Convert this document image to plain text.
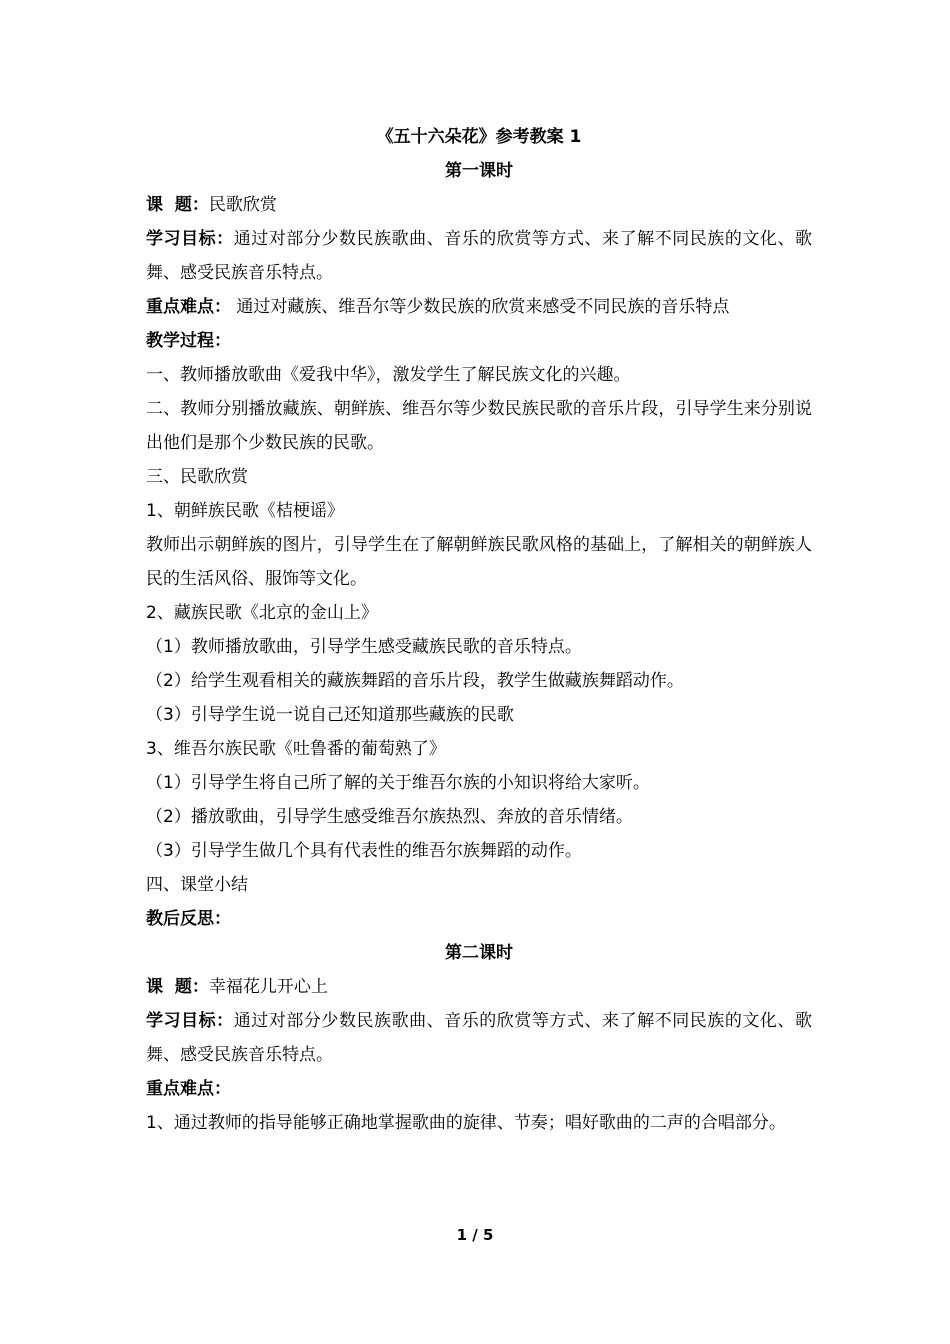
《五十六朵花》参考教案 1
第一课时
课  题：民歌欣赏
学习目标：通过对部分少数民族歌曲、音乐的欣赏等方式、来了解不同民族的文化、歌舞、感受民族音乐特点。
重点难点： 通过对藏族、维吾尔等少数民族的欣赏来感受不同民族的音乐特点
教学过程：
一、教师播放歌曲《爱我中华》，激发学生了解民族文化的兴趣。
二、教师分别播放藏族、朝鲜族、维吾尔等少数民族民歌的音乐片段，引导学生来分别说出他们是那个少数民族的民歌。
三、民歌欣赏
1、朝鲜族民歌《桔梗谣》
教师出示朝鲜族的图片，引导学生在了解朝鲜族民歌风格的基础上，了解相关的朝鲜族人民的生活风俗、服饰等文化。
2、藏族民歌《北京的金山上》
（1）教师播放歌曲，引导学生感受藏族民歌的音乐特点。
（2）给学生观看相关的藏族舞蹈的音乐片段，教学生做藏族舞蹈动作。
（3）引导学生说一说自己还知道那些藏族的民歌
3、维吾尔族民歌《吐鲁番的葡萄熟了》
（1）引导学生将自己所了解的关于维吾尔族的小知识将给大家听。
（2）播放歌曲，引导学生感受维吾尔族热烈、奔放的音乐情绪。
（3）引导学生做几个具有代表性的维吾尔族舞蹈的动作。
四、课堂小结
教后反思：
第二课时
课  题：幸福花儿开心上
学习目标：通过对部分少数民族歌曲、音乐的欣赏等方式、来了解不同民族的文化、歌舞、感受民族音乐特点。
重点难点：
1、通过教师的指导能够正确地掌握歌曲的旋律、节奏；唱好歌曲的二声的合唱部分。
1 / 5
